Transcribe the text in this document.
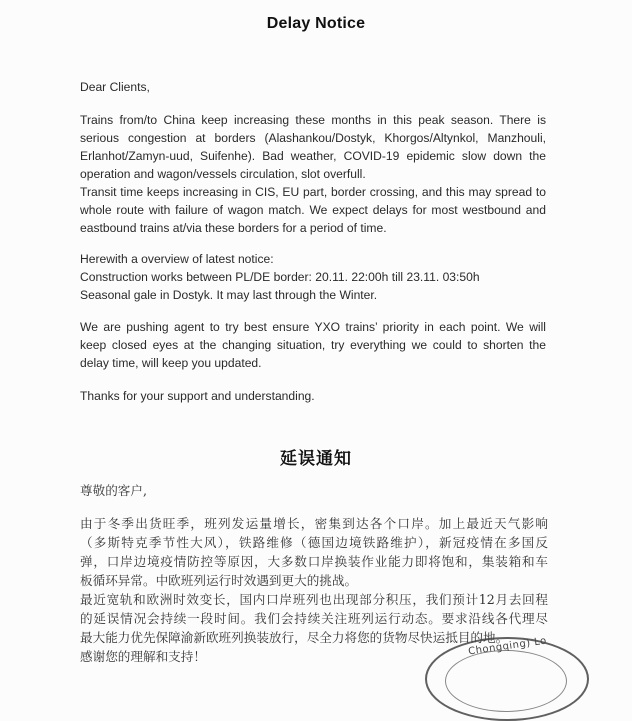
Delay Notice
Dear Clients,
Trains from/to China keep increasing these months in this peak season. There is
serious congestion at borders (Alashankou/Dostyk, Khorgos/Altynkol, Manzhouli,
Erlanhot/Zamyn-uud, Suifenhe). Bad weather, COVID-19 epidemic slow down the
operation and wagon/vessels circulation, slot overfull.
Transit time keeps increasing in CIS, EU part, border crossing, and this may spread to
whole route with failure of wagon match. We expect delays for most westbound and
eastbound trains at/via these borders for a period of time.
Herewith a overview of latest notice:
Construction works between PL/DE border: 20.11. 22:00h till 23.11. 03:50h
Seasonal gale in Dostyk. It may last through the Winter.
We are pushing agent to try best ensure YXO trains’ priority in each point. We will
keep closed eyes at the changing situation, try everything we could to shorten the
delay time, will keep you updated.
Thanks for your support and understanding.
延误通知
尊敬的客户,
由于冬季出货旺季，班列发运量增长，密集到达各个口岸。加上最近天气影响
（多斯特克季节性大风），铁路维修（德国边境铁路维护），新冠疫情在多国反
弹，口岸边境疫情防控等原因，大多数口岸换装作业能力即将饱和，集装箱和车
板循环异常。中欧班列运行时效遇到更大的挑战。
最近宽轨和欧洲时效变长，国内口岸班列也出现部分积压，我们预计12月去回程
的延误情况会持续一段时间。我们会持续关注班列运行动态。要求沿线各代理尽
最大能力优先保障渝新欧班列换装放行，尽全力将您的货物尽快运抵目的地。
感谢您的理解和支持！	Chongqing) Lo
